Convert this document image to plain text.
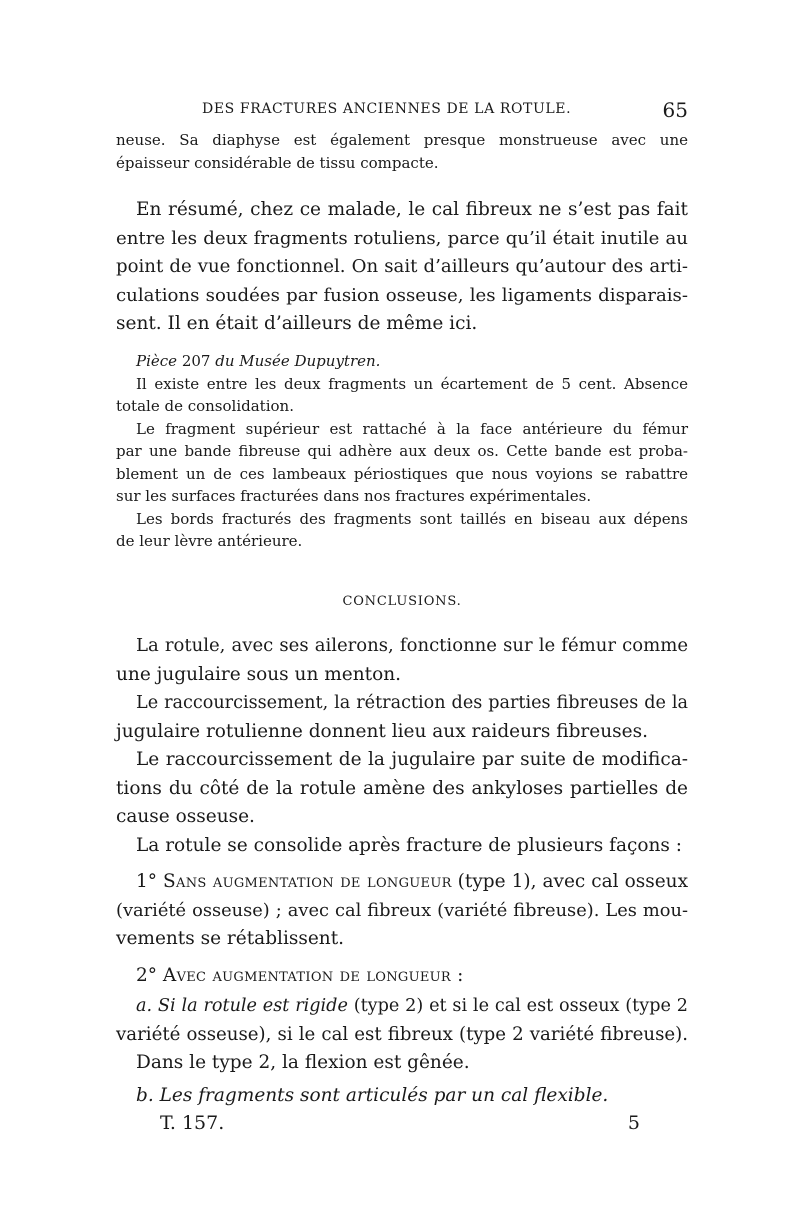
DES FRACTURES ANCIENNES DE LA ROTULE.	65
neuse. Sa diaphyse est également presque monstrueuse avec une
épaisseur considérable de tissu compacte.
En résumé, chez ce malade, le cal fibreux ne s’est pas fait
entre les deux fragments rotuliens, parce qu’il était inutile au
point de vue fonctionnel. On sait d’ailleurs qu’autour des arti-
culations soudées par fusion osseuse, les ligaments disparais-
sent. Il en était d’ailleurs de même ici.
Pièce 207 du Musée Dupuytren.
Il existe entre les deux fragments un écartement de 5 cent. Absence
totale de consolidation.
Le fragment supérieur est rattaché à la face antérieure du fémur
par une bande fibreuse qui adhère aux deux os. Cette bande est proba-
blement un de ces lambeaux périostiques que nous voyions se rabattre
sur les surfaces fracturées dans nos fractures expérimentales.
Les bords fracturés des fragments sont taillés en biseau aux dépens
de leur lèvre antérieure.
CONCLUSIONS.
La rotule, avec ses ailerons, fonctionne sur le fémur comme
une jugulaire sous un menton.
Le raccourcissement, la rétraction des parties fibreuses de la
jugulaire rotulienne donnent lieu aux raideurs fibreuses.
Le raccourcissement de la jugulaire par suite de modifica-
tions du côté de la rotule amène des ankyloses partielles de
cause osseuse.
La rotule se consolide après fracture de plusieurs façons :
1° Sans augmentation de longueur (type 1), avec cal osseux
(variété osseuse) ; avec cal fibreux (variété fibreuse). Les mou-
vements se rétablissent.
2° Avec augmentation de longueur :
a. Si la rotule est rigide (type 2) et si le cal est osseux (type 2
variété osseuse), si le cal est fibreux (type 2 variété fibreuse).
Dans le type 2, la flexion est gênée.
b. Les fragments sont articulés par un cal flexible.
T. 157.	5
